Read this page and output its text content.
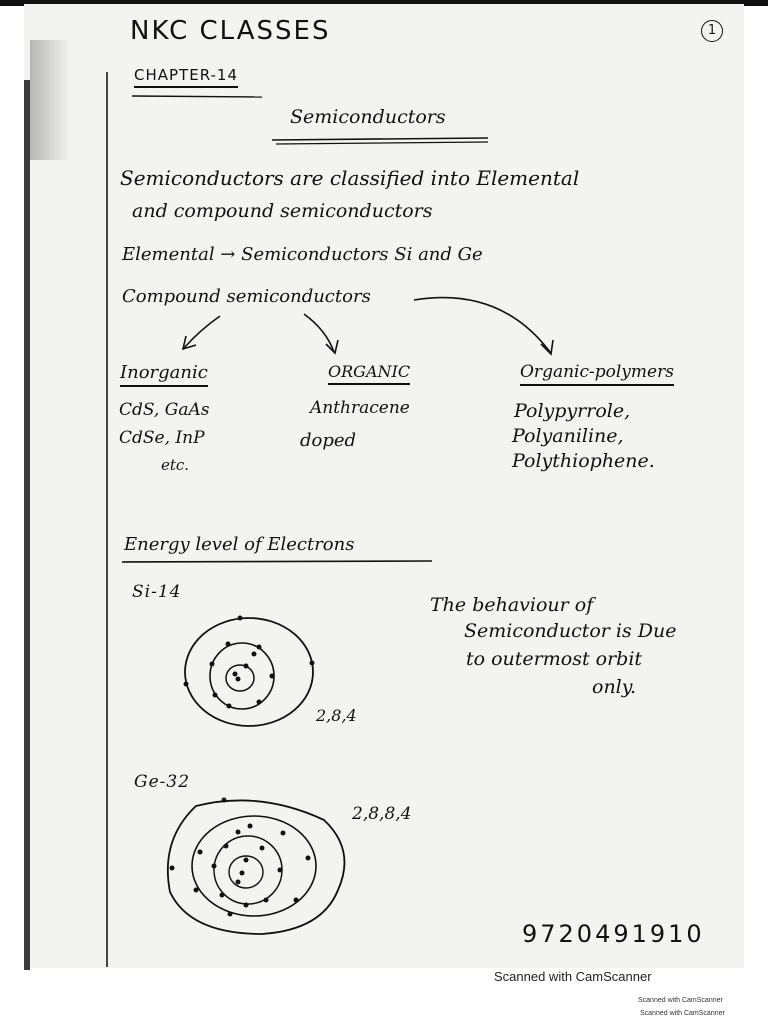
NKC CLASSES	1
CHAPTER-14
Semiconductors
Semiconductors are classified into Elemental
and compound semiconductors
Elemental → Semiconductors Si and Ge
Compound semiconductors
Inorganic
CdS, GaAs
CdSe, InP
etc.
ORGANIC
Anthracene
doped
Organic-polymers
Polypyrrole,
Polyaniline,
Polythiophene.
Energy level of Electrons
Si-14
2,8,4
The behaviour of
Semiconductor is Due
to outermost orbit
only.
Ge-32
2,8,8,4
9720491910
Scanned with CamScanner
Scanned with CamScanner
Scanned with CamScanner
